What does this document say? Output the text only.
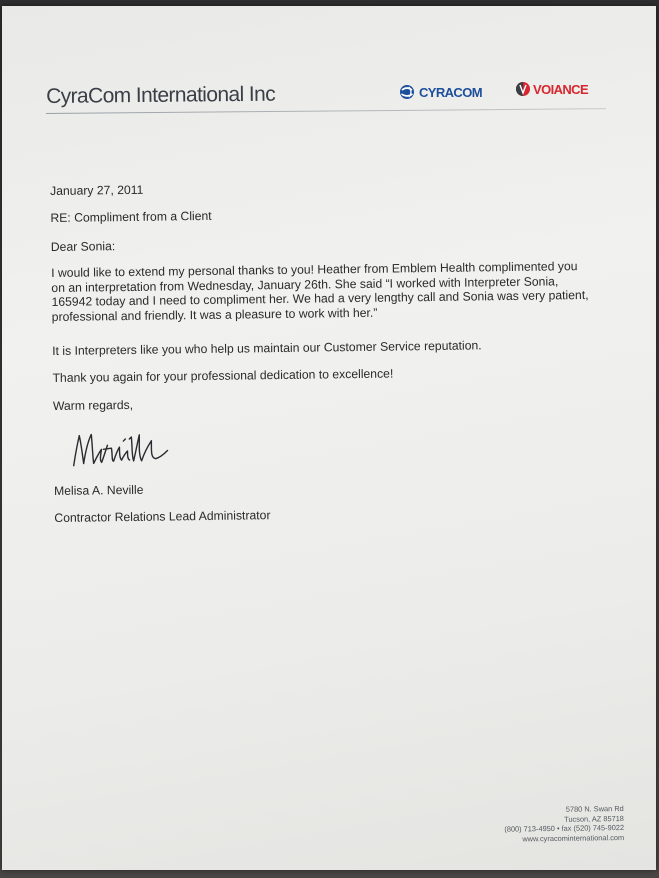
CyraCom International Inc	CYRACOM	VOIANCE

January 27, 2011

RE: Compliment from a Client

Dear Sonia:

I would like to extend my personal thanks to you! Heather from Emblem Health complimented you on an interpretation from Wednesday, January 26th. She said “I worked with Interpreter Sonia, 165942 today and I need to compliment her. We had a very lengthy call and Sonia was very patient, professional and friendly. It was a pleasure to work with her.”

It is Interpreters like you who help us maintain our Customer Service reputation.

Thank you again for your professional dedication to excellence!

Warm regards,

Melisa A. Neville

Contractor Relations Lead Administrator

5780 N. Swan Rd
Tucson, AZ 85718
(800) 713-4950 • fax (520) 745-9022
www.cyracominternational.com
